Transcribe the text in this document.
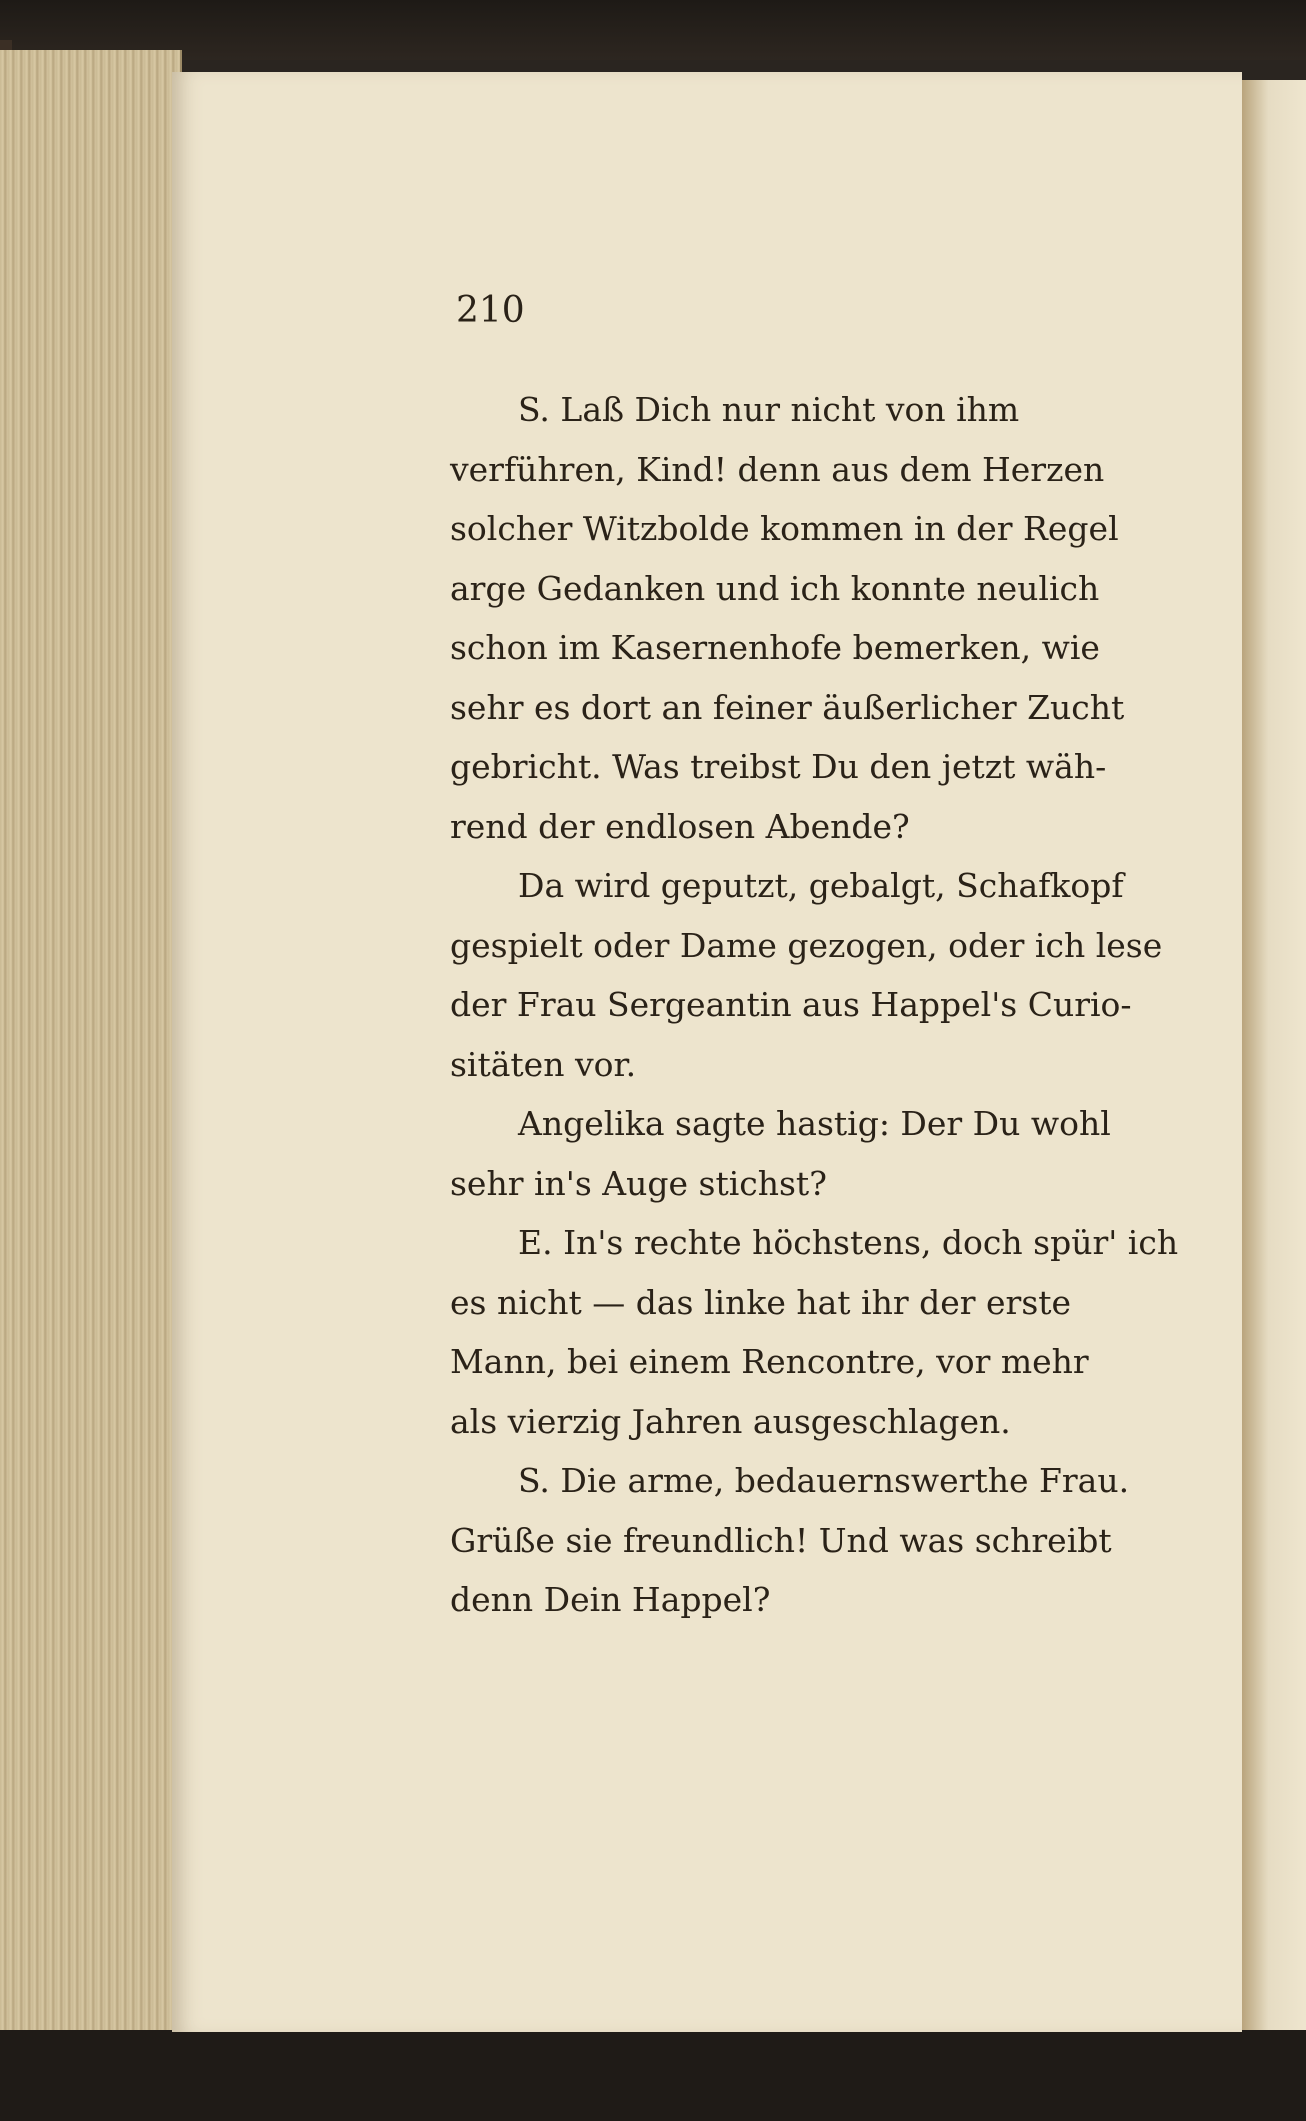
210

S. Laß Dich nur nicht von ihm
verführen, Kind! denn aus dem Herzen
solcher Witzbolde kommen in der Regel
arge Gedanken und ich konnte neulich
schon im Kasernenhofe bemerken, wie
sehr es dort an feiner äußerlicher Zucht
gebricht. Was treibst Du den jetzt wäh-
rend der endlosen Abende?

Da wird geputzt, gebalgt, Schafkopf
gespielt oder Dame gezogen, oder ich lese
der Frau Sergeantin aus Happel's Curio-
sitäten vor.

Angelika sagte hastig: Der Du wohl
sehr in's Auge stichst?

E. In's rechte höchstens, doch spür' ich
es nicht — das linke hat ihr der erste
Mann, bei einem Rencontre, vor mehr
als vierzig Jahren ausgeschlagen.

S. Die arme, bedauernswerthe Frau.
Grüße sie freundlich! Und was schreibt
denn Dein Happel?
